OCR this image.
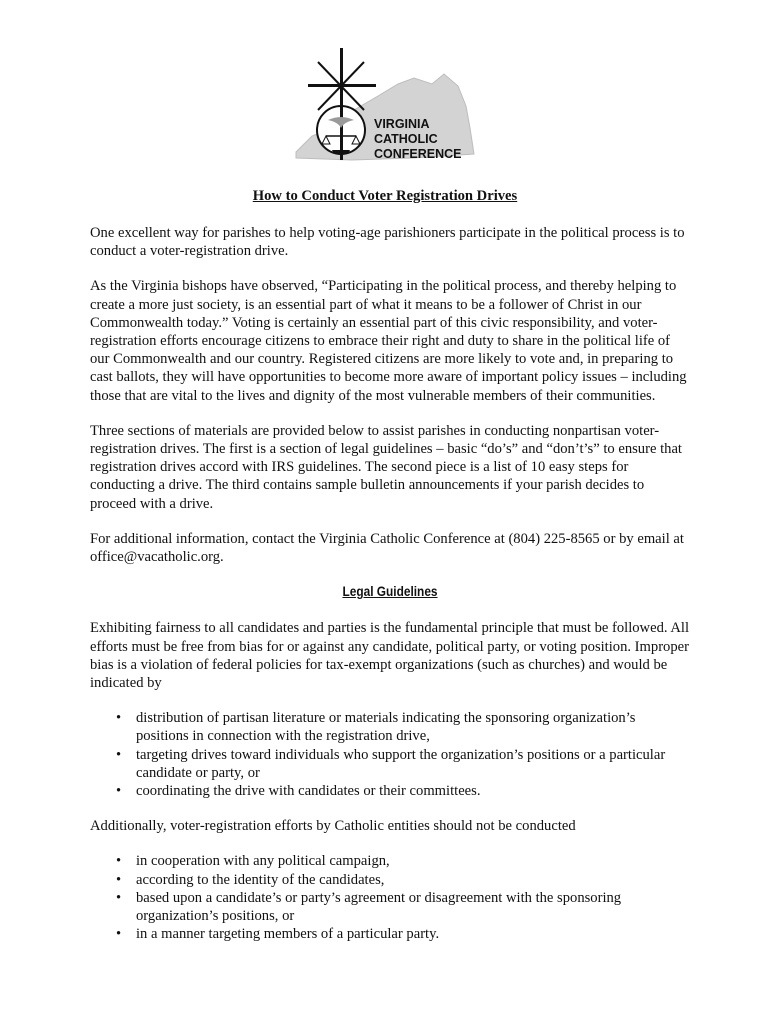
VIRGINIA
CATHOLIC
CONFERENCE
How to Conduct Voter Registration Drives

One excellent way for parishes to help voting-age parishioners participate in the political process is to conduct a voter-registration drive.

As the Virginia bishops have observed, “Participating in the political process, and thereby helping to create a more just society, is an essential part of what it means to be a follower of Christ in our Commonwealth today.” Voting is certainly an essential part of this civic responsibility, and voter-registration efforts encourage citizens to embrace their right and duty to share in the political life of our Commonwealth and our country. Registered citizens are more likely to vote and, in preparing to cast ballots, they will have opportunities to become more aware of important policy issues – including those that are vital to the lives and dignity of the most vulnerable members of their communities.

Three sections of materials are provided below to assist parishes in conducting nonpartisan voter-registration drives. The first is a section of legal guidelines – basic “do’s” and “don’t’s” to ensure that registration drives accord with IRS guidelines. The second piece is a list of 10 easy steps for conducting a drive. The third contains sample bulletin announcements if your parish decides to proceed with a drive.

For additional information, contact the Virginia Catholic Conference at (804) 225-8565 or by email at office@vacatholic.org.

Legal Guidelines

Exhibiting fairness to all candidates and parties is the fundamental principle that must be followed. All efforts must be free from bias for or against any candidate, political party, or voting position. Improper bias is a violation of federal policies for tax-exempt organizations (such as churches) and would be indicated by

• distribution of partisan literature or materials indicating the sponsoring organization’s positions in connection with the registration drive,
• targeting drives toward individuals who support the organization’s positions or a particular candidate or party, or
• coordinating the drive with candidates or their committees.

Additionally, voter-registration efforts by Catholic entities should not be conducted

• in cooperation with any political campaign,
• according to the identity of the candidates,
• based upon a candidate’s or party’s agreement or disagreement with the sponsoring organization’s positions, or
• in a manner targeting members of a particular party.
